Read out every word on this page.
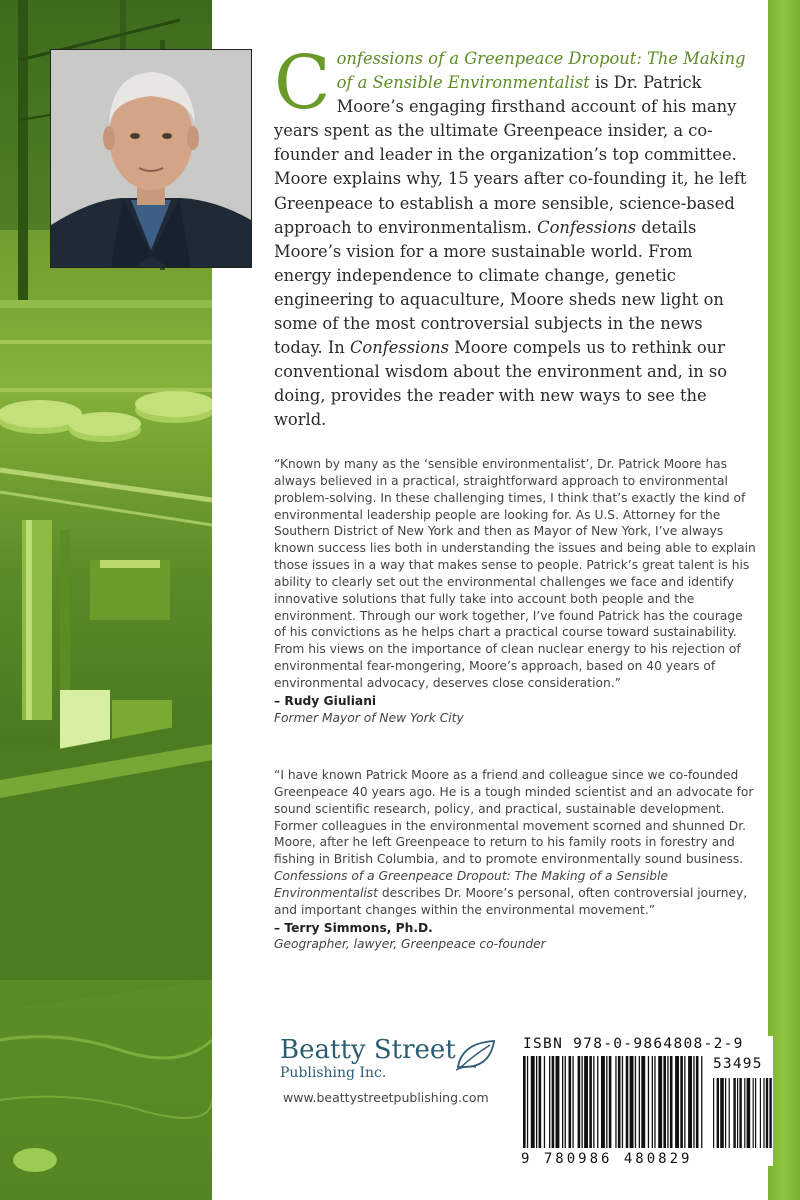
Confessions of a Greenpeace Dropout: The Making of a Sensible Environmentalist is Dr. Patrick Moore’s engaging firsthand account of his many years spent as the ultimate Greenpeace insider, a co-founder and leader in the organization’s top committee. Moore explains why, 15 years after co-founding it, he left Greenpeace to establish a more sensible, science-based approach to environmentalism. Confessions details Moore’s vision for a more sustainable world. From energy independence to climate change, genetic engineering to aquaculture, Moore sheds new light on some of the most controversial subjects in the news today. In Confessions Moore compels us to rethink our conventional wisdom about the environment and, in so doing, provides the reader with new ways to see the world.

“Known by many as the ‘sensible environmentalist’, Dr. Patrick Moore has always believed in a practical, straightforward approach to environmental problem-solving. In these challenging times, I think that’s exactly the kind of environmental leadership people are looking for. As U.S. Attorney for the Southern District of New York and then as Mayor of New York, I’ve always known success lies both in understanding the issues and being able to explain those issues in a way that makes sense to people. Patrick’s great talent is his ability to clearly set out the environmental challenges we face and identify innovative solutions that fully take into account both people and the environment. Through our work together, I’ve found Patrick has the courage of his convictions as he helps chart a practical course toward sustainability. From his views on the importance of clean nuclear energy to his rejection of environmental fear-mongering, Moore’s approach, based on 40 years of environmental advocacy, deserves close consideration.”

– Rudy Giuliani
Former Mayor of New York City

“I have known Patrick Moore as a friend and colleague since we co-founded Greenpeace 40 years ago. He is a tough minded scientist and an advocate for sound scientific research, policy, and practical, sustainable development. Former colleagues in the environmental movement scorned and shunned Dr. Moore, after he left Greenpeace to return to his family roots in forestry and fishing in British Columbia, and to promote environmentally sound business. Confessions of a Greenpeace Dropout: The Making of a Sensible Environmentalist describes Dr. Moore’s personal, often controversial journey, and important changes within the environmental movement.”

– Terry Simmons, Ph.D.
Geographer, lawyer, Greenpeace co-founder
Beatty Street
Publishing Inc.
www.beattystreetpublishing.com
ISBN 978-0-9864808-2-9
53495
9 780986 480829
